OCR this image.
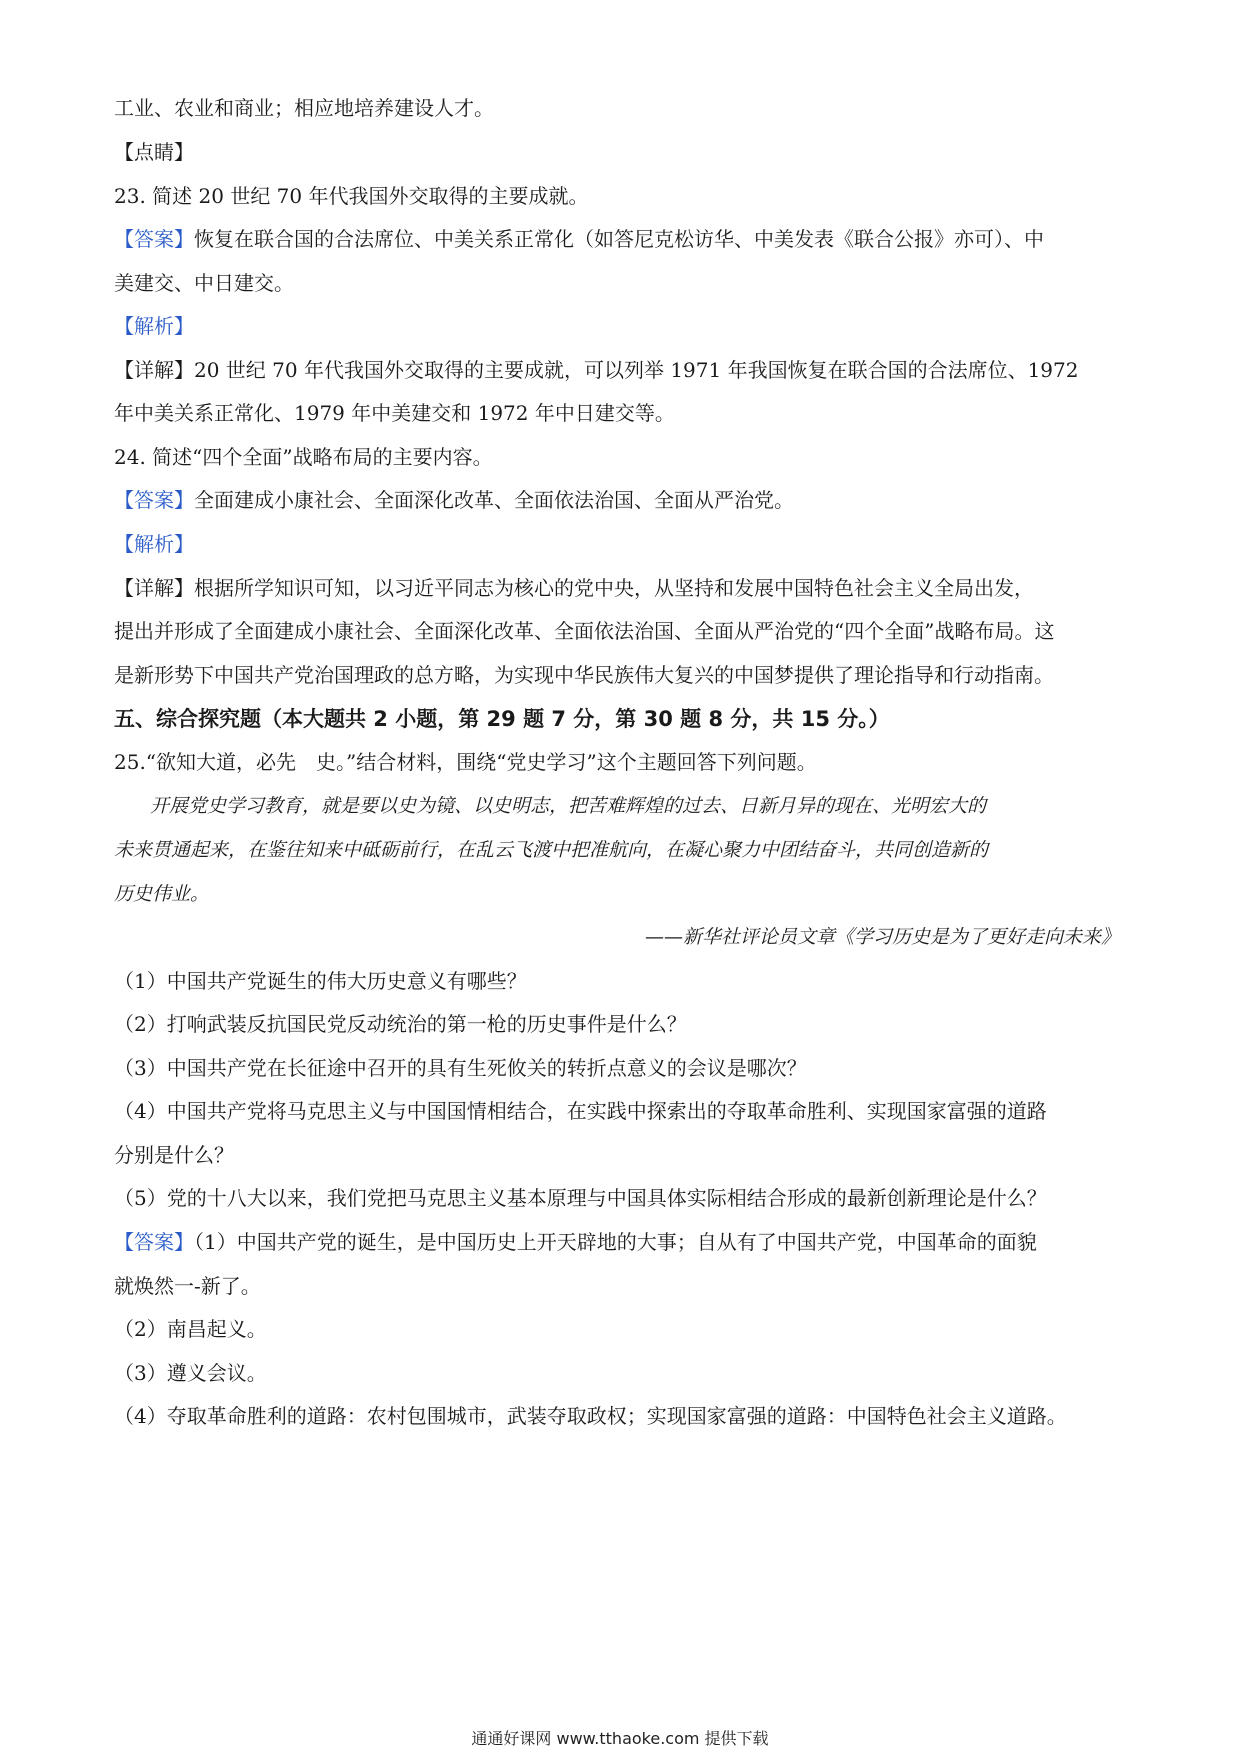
工业、农业和商业；相应地培养建设人才。
【点睛】
23. 简述 20 世纪 70 年代我国外交取得的主要成就。
【答案】恢复在联合国的合法席位、中美关系正常化（如答尼克松访华、中美发表《联合公报》亦可）、中
美建交、中日建交。
【解析】
【详解】20 世纪 70 年代我国外交取得的主要成就，可以列举 1971 年我国恢复在联合国的合法席位、1972
年中美关系正常化、1979 年中美建交和 1972 年中日建交等。
24. 简述“四个全面”战略布局的主要内容。
【答案】全面建成小康社会、全面深化改革、全面依法治国、全面从严治党。
【解析】
【详解】根据所学知识可知，以习近平同志为核心的党中央，从坚持和发展中国特色社会主义全局出发，
提出并形成了全面建成小康社会、全面深化改革、全面依法治国、全面从严治党的“四个全面”战略布局。这
是新形势下中国共产党治国理政的总方略，为实现中华民族伟大复兴的中国梦提供了理论指导和行动指南。
五、综合探究题（本大题共 2 小题，第 29 题 7 分，第 30 题 8 分，共 15 分。）
25.“欲知大道，必先　史。”结合材料，围绕“党史学习”这个主题回答下列问题。
开展党史学习教育，就是要以史为镜、以史明志，把苦难辉煌的过去、日新月异的现在、光明宏大的
未来贯通起来，在鉴往知来中砥砺前行，在乱云飞渡中把准航向，在凝心聚力中团结奋斗，共同创造新的
历史伟业。
——新华社评论员文章《学习历史是为了更好走向未来》
（1）中国共产党诞生的伟大历史意义有哪些？
（2）打响武装反抗国民党反动统治的第一枪的历史事件是什么？
（3）中国共产党在长征途中召开的具有生死攸关的转折点意义的会议是哪次？
（4）中国共产党将马克思主义与中国国情相结合，在实践中探索出的夺取革命胜利、实现国家富强的道路
分别是什么？
（5）党的十八大以来，我们党把马克思主义基本原理与中国具体实际相结合形成的最新创新理论是什么？
【答案】（1）中国共产党的诞生，是中国历史上开天辟地的大事；自从有了中国共产党，中国革命的面貌
就焕然一-新了。
（2）南昌起义。
（3）遵义会议。
（4）夺取革命胜利的道路：农村包围城市，武装夺取政权；实现国家富强的道路：中国特色社会主义道路。
通通好课网 www.tthaoke.com 提供下载
